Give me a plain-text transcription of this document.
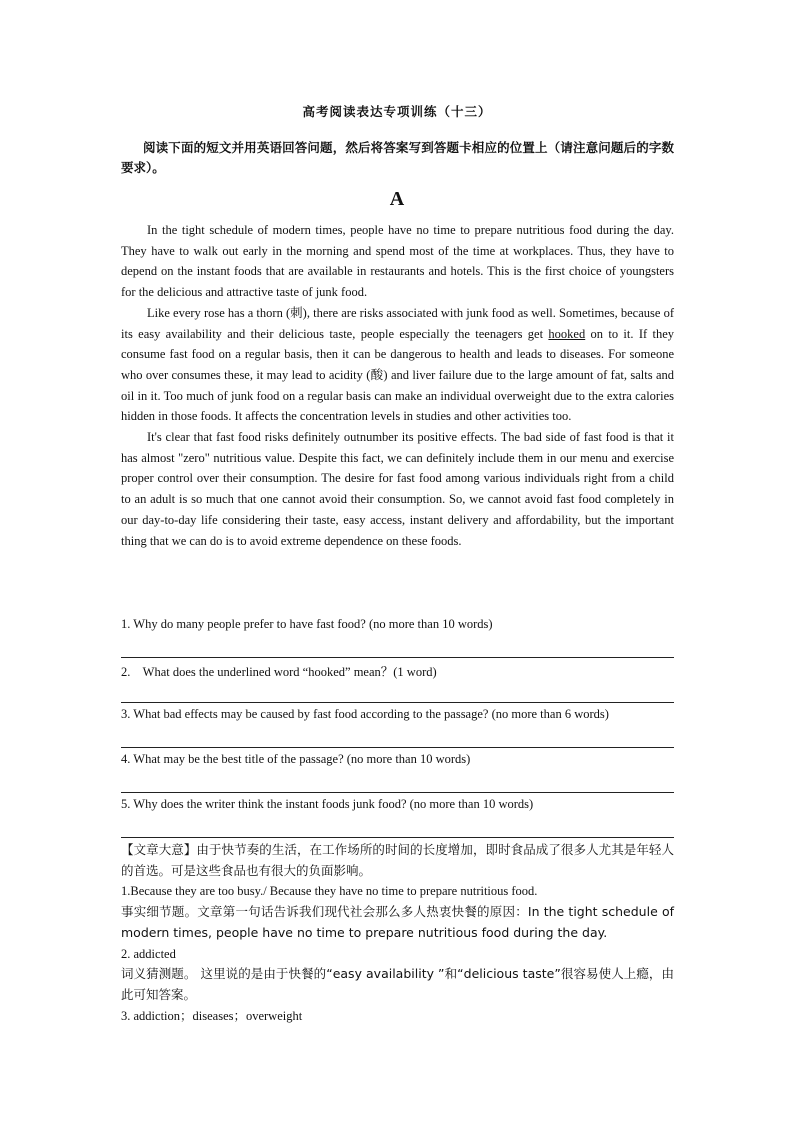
高考阅读表达专项训练（十三）
阅读下面的短文并用英语回答问题，然后将答案写到答题卡相应的位置上（请注意问题后的字数要求）。
A

In the tight schedule of modern times, people have no time to prepare nutritious food during the day. They have to walk out early in the morning and spend most of the time at workplaces. Thus, they have to depend on the instant foods that are available in restaurants and hotels. This is the first choice of youngsters for the delicious and attractive taste of junk food.

Like every rose has a thorn (刺), there are risks associated with junk food as well. Sometimes, because of its easy availability and their delicious taste, people especially the teenagers get hooked on to it. If they consume fast food on a regular basis, then it can be dangerous to health and leads to diseases. For someone who over consumes these, it may lead to acidity (酸) and liver failure due to the large amount of fat, salts and oil in it. Too much of junk food on a regular basis can make an individual overweight due to the extra calories hidden in those foods. It affects the concentration levels in studies and other activities too.

It's clear that fast food risks definitely outnumber its positive effects. The bad side of fast food is that it has almost "zero" nutritious value. Despite this fact, we can definitely include them in our menu and exercise proper control over their consumption. The desire for fast food among various individuals right from a child to an adult is so much that one cannot avoid their consumption. So, we cannot avoid fast food completely in our day-to-day life considering their taste, easy access, instant delivery and affordability, but the important thing that we can do is to avoid extreme dependence on these foods.

1. Why do many people prefer to have fast food? (no more than 10 words)
2.    What does the underlined word “hooked” mean？(1 word)
3. What bad effects may be caused by fast food according to the passage? (no more than 6 words)
4. What may be the best title of the passage? (no more than 10 words)
5. Why does the writer think the instant foods junk food? (no more than 10 words)

【文章大意】由于快节奏的生活，在工作场所的时间的长度增加，即时食品成了很多人尤其是年轻人的首选。可是这些食品也有很大的负面影响。

1.Because they are too busy./ Because they have no time to prepare nutritious food.

事实细节题。文章第一句话告诉我们现代社会那么多人热衷快餐的原因：In the tight schedule of modern times, people have no time to prepare nutritious food during the day.

2. addicted

词义猜测题。 这里说的是由于快餐的“easy availability ”和“delicious taste”很容易使人上瘾，由此可知答案。

3. addiction；diseases；overweight
